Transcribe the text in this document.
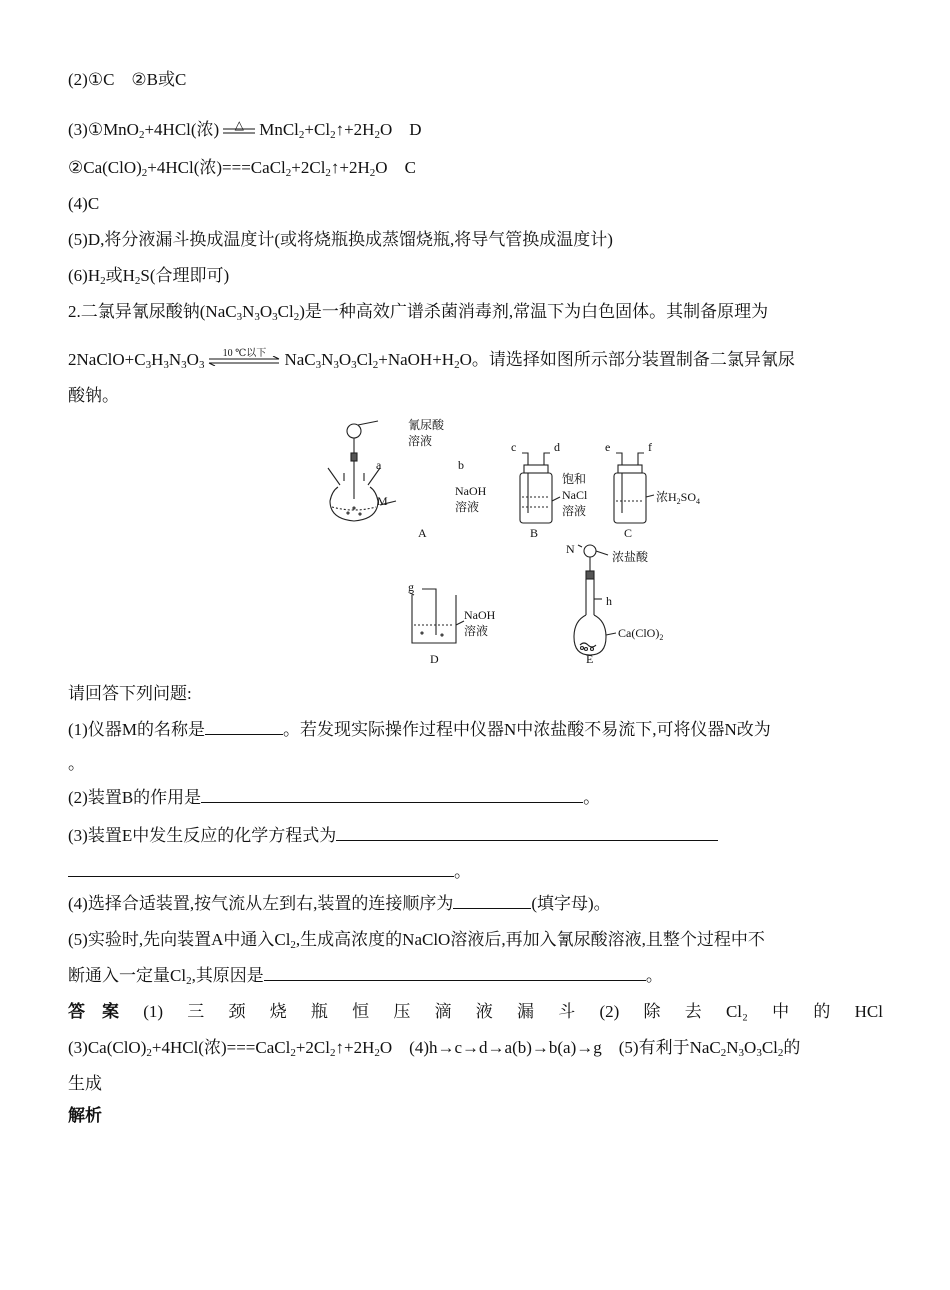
(2)①C　②B或C
(3)①MnO$_2$+4HCl(浓)	△ $MnCl_2+Cl_2↑+2H_2O$　D
$②Ca(ClO)_2+4HCl$(浓)$===CaCl_2+2Cl_2↑+2H_2O$　C
(4)C
(5)D,将分液漏斗换成温度计(或将烧瓶换成蒸馏烧瓶,将导气管换成温度计)
$(6)H_2$或$H_2S$(合理即可)
2.二氯异氰尿酸钠$(NaC_3N_3O_3Cl_2)$是一种高效广谱杀菌消毒剂,常温下为白色固体。其制备原理为
$2NaClO+C_3H_3N_3O_3$
10 ℃以下	$NaC_3N_3O_3Cl_2+NaOH+H_2O$。请选择如图所示部分装置制备二氯异氰尿
酸钠。
请回答下列问题:
(1)仪器M的名称是	。若发现实际操作过程中仪器N中浓盐酸不易流下,可将仪器N改为
。
(2)装置B的作用是	。
(3)装置E中发生反应的化学方程式为
。
(4)选择合适装置,按气流从左到右,装置的连接顺序为	(填字母)。
(5)实验时,先向装置A中通入$Cl_2$,生成高浓度的NaClO溶液后,再加入氰尿酸溶液,且整个过程中不
断通入一定量$Cl_2$,其原因是	。
答　案 (1) 三 颈 烧 瓶 恒 压 滴 液 漏 斗 (2) 除 去 Cl₂ 中 的 HCl
$(3)Ca(ClO)_2+4HCl$(浓)$===CaCl_2+2Cl_2↑+2H_2O$　(4)h→c→d→a(b)→b(a)→g　(5)有利于$NaC_2N_3O_3Cl_2$的
生成
解析
氰尿酸
溶液
a	b
M
NaOH
溶液
A
c	d
饱和
NaCl
溶液
B
e	f
浓$H_2SO_4$
C
g
NaOH
溶液
D
N
浓盐酸
h
$Ca(ClO)_2$
E
